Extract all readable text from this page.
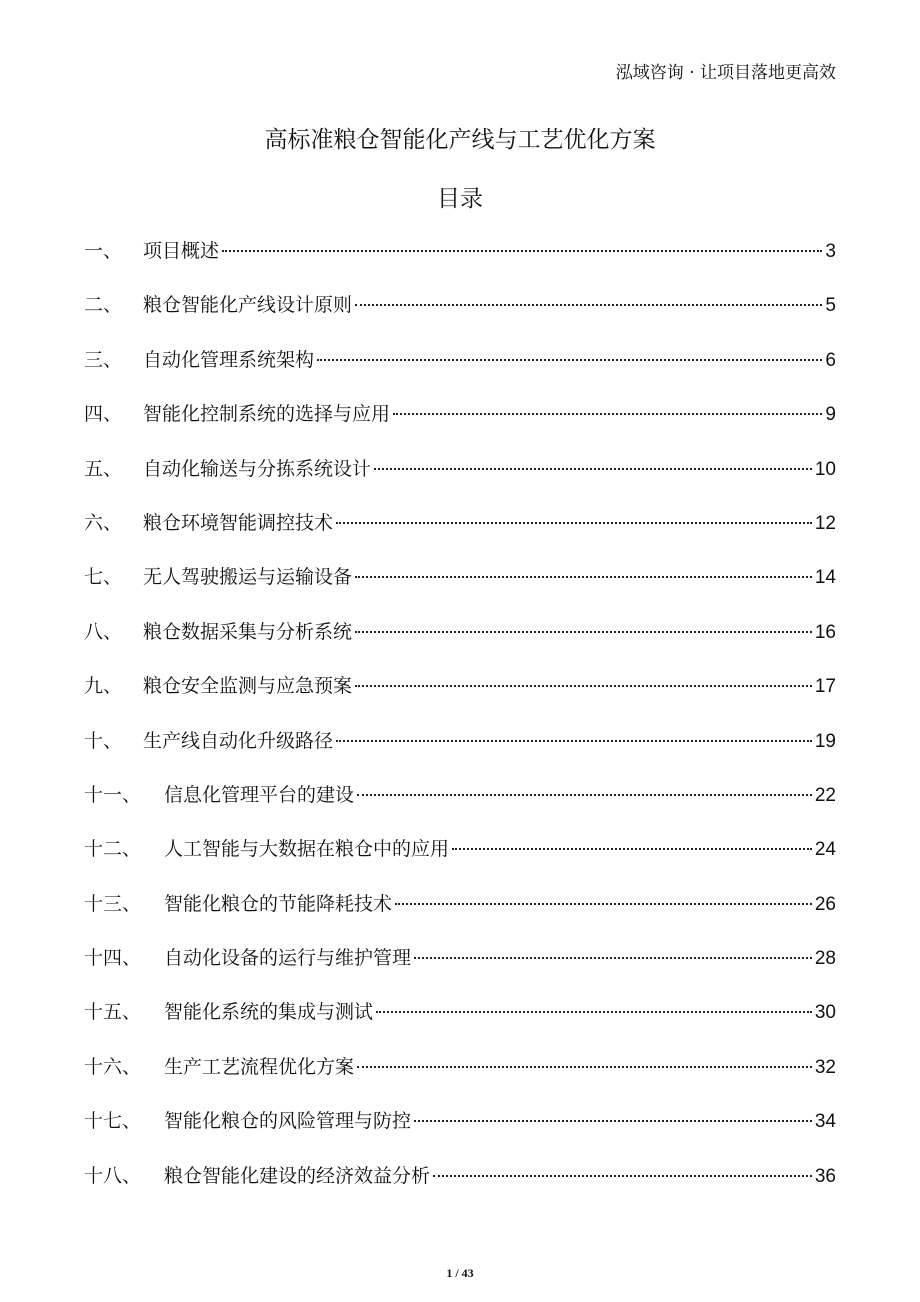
泓域咨询 · 让项目落地更高效
高标准粮仓智能化产线与工艺优化方案
目录
一、	项目概述	3
二、	粮仓智能化产线设计原则	5
三、	自动化管理系统架构	6
四、	智能化控制系统的选择与应用	9
五、	自动化输送与分拣系统设计	10
六、	粮仓环境智能调控技术	12
七、	无人驾驶搬运与运输设备	14
八、	粮仓数据采集与分析系统	16
九、	粮仓安全监测与应急预案	17
十、	生产线自动化升级路径	19
十一、	信息化管理平台的建设	22
十二、	人工智能与大数据在粮仓中的应用	24
十三、	智能化粮仓的节能降耗技术	26
十四、	自动化设备的运行与维护管理	28
十五、	智能化系统的集成与测试	30
十六、	生产工艺流程优化方案	32
十七、	智能化粮仓的风险管理与防控	34
十八、	粮仓智能化建设的经济效益分析	36
1 / 43
